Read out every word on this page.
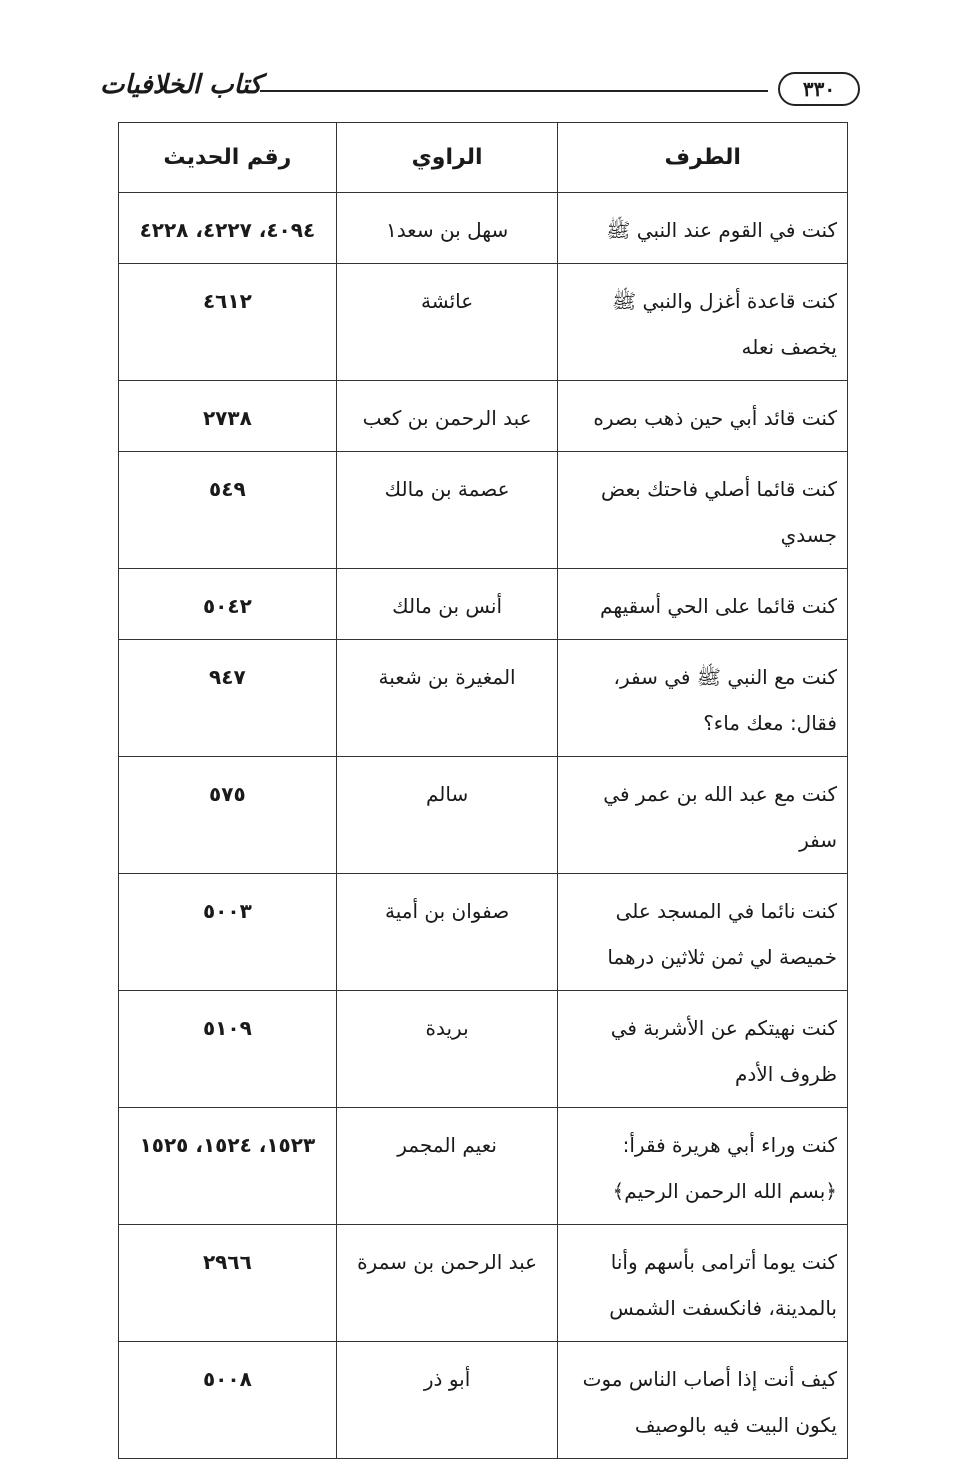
٣٣٠
كتاب الخلافيات
الطرف	الراوي	رقم الحديث
كنت في القوم عند النبي ﷺ	سهل بن سعد١	٤٠٩٤، ٤٢٢٧، ٤٢٢٨
كنت قاعدة أغزل والنبي ﷺ يخصف نعله	عائشة	٤٦١٢
كنت قائد أبي حين ذهب بصره	عبد الرحمن بن كعب	٢٧٣٨
كنت قائما أصلي فاحتك بعض جسدي	عصمة بن مالك	٥٤٩
كنت قائما على الحي أسقيهم	أنس بن مالك	٥٠٤٢
كنت مع النبي ﷺ في سفر، فقال: معك ماء؟	المغيرة بن شعبة	٩٤٧
كنت مع عبد الله بن عمر في سفر	سالم	٥٧٥
كنت نائما في المسجد على خميصة لي ثمن ثلاثين درهما	صفوان بن أمية	٥٠٠٣
كنت نهيتكم عن الأشربة في ظروف الأدم	بريدة	٥١٠٩
كنت وراء أبي هريرة فقرأ: ﴿بسم الله الرحمن الرحيم﴾	نعيم المجمر	١٥٢٣، ١٥٢٤، ١٥٢٥
كنت يوما أترامى بأسهم وأنا بالمدينة، فانكسفت الشمس	عبد الرحمن بن سمرة	٢٩٦٦
كيف أنت إذا أصاب الناس موت يكون البيت فيه بالوصيف	أبو ذر	٥٠٠٨
